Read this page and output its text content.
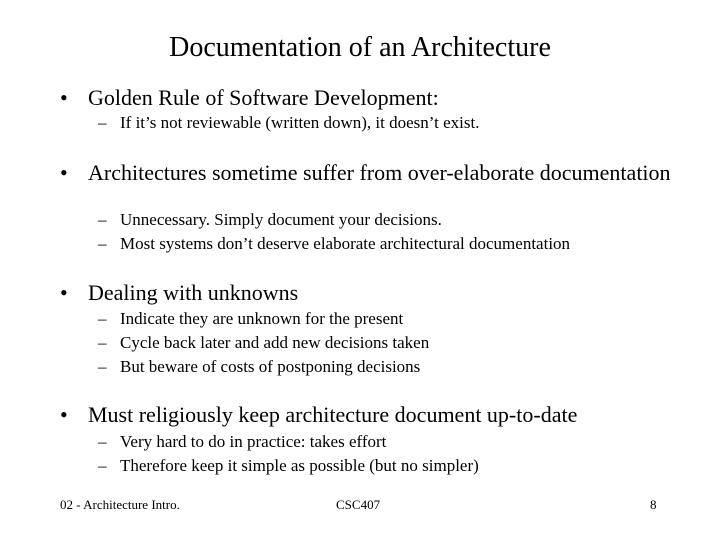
Documentation of an Architecture
• Golden Rule of Software Development:
– If it’s not reviewable (written down), it doesn’t exist.
• Architectures sometime suffer from over-elaborate documentation
– Unnecessary. Simply document your decisions.
– Most systems don’t deserve elaborate architectural documentation
• Dealing with unknowns
– Indicate they are unknown for the present
– Cycle back later and add new decisions taken
– But beware of costs of postponing decisions
• Must religiously keep architecture document up-to-date
– Very hard to do in practice: takes effort
– Therefore keep it simple as possible (but no simpler)
02 - Architecture Intro.	CSC407	8
